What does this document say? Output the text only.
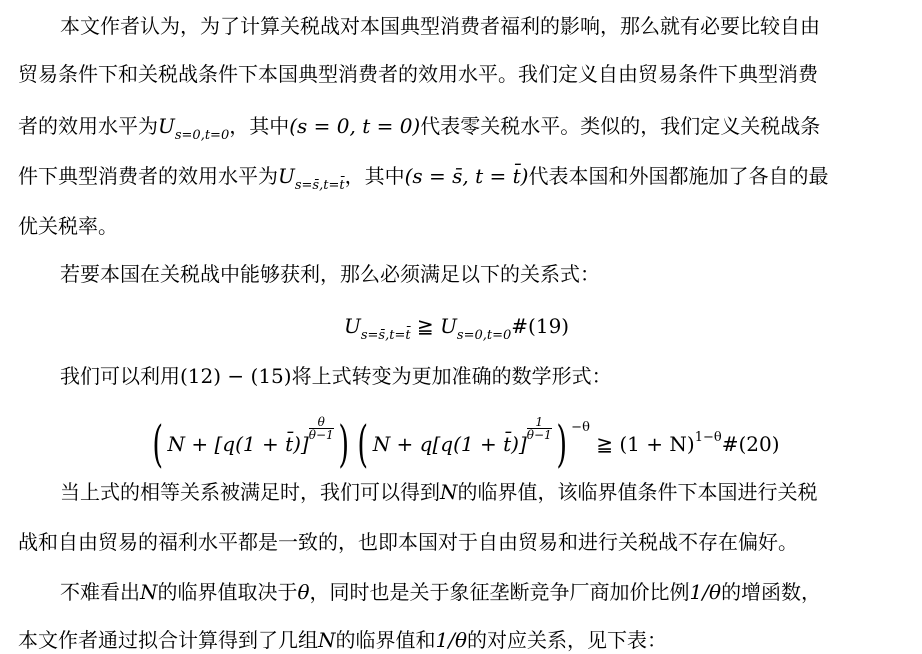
本文作者认为，为了计算关税战对本国典型消费者福利的影响，那么就有必要比较自由
贸易条件下和关税战条件下本国典型消费者的效用水平。我们定义自由贸易条件下典型消费
者的效用水平为$U_{s=0,t=0}$，其中(s = 0, t = 0)代表零关税水平。类似的，我们定义关税战条
件下典型消费者的效用水平为$U_{s=s̄,t=t̄}$，其中(s = s̄, t = t̄)代表本国和外国都施加了各自的最
优关税率。
若要本国在关税战中能够获利，那么必须满足以下的关系式：
$U_{s=s̄,t=t̄}$ ≧ $U_{s=0,t=0}\#(19)$
我们可以利用(12) − (15)将上式转变为更加准确的数学形式：
( N + [q(1 + t̄)]
$\frac{\theta}{\theta-1}$ ) ( N + q[q(1 + t̄)]
$\frac{1}{\theta-1}$ ) $^{-\theta}$ ≧ $(1 + N)^{1-\theta}\#(20)$
当上式的相等关系被满足时，我们可以得到N的临界值，该临界值条件下本国进行关税
战和自由贸易的福利水平都是一致的，也即本国对于自由贸易和进行关税战不存在偏好。
不难看出N的临界值取决于θ，同时也是关于象征垄断竞争厂商加价比例1/θ的增函数，
本文作者通过拟合计算得到了几组N的临界值和1/θ的对应关系，见下表：
